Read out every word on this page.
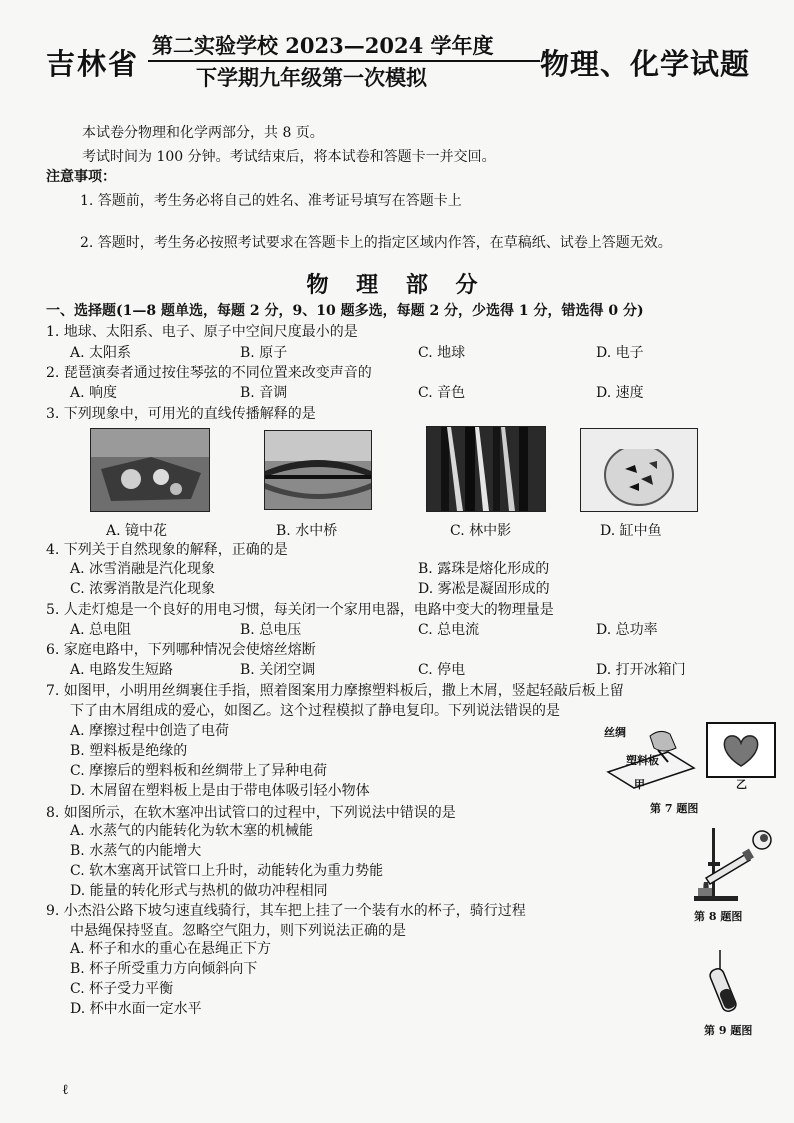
吉林省
第二实验学校 2023—2024 学年度
下学期九年级第一次模拟	物理、化学试题
本试卷分物理和化学两部分，共 8 页。
考试时间为 100 分钟。考试结束后，将本试卷和答题卡一并交回。
注意事项：
1. 答题前，考生务必将自己的姓名、准考证号填写在答题卡上
2. 答题时，考生务必按照考试要求在答题卡上的指定区域内作答，在草稿纸、试卷上答题无效。
物 理 部 分
一、选择题(1—8 题单选，每题 2 分，9、10 题多选，每题 2 分，少选得 1 分，错选得 0 分)
1. 地球、太阳系、电子、原子中空间尺度最小的是
A. 太阳系	B. 原子	C. 地球	D. 电子
2. 琵琶演奏者通过按住琴弦的不同位置来改变声音的
A. 响度	B. 音调	C. 音色	D. 速度
3. 下列现象中，可用光的直线传播解释的是
A. 镜中花	B. 水中桥	C. 林中影	D. 缸中鱼
4. 下列关于自然现象的解释，正确的是
A. 冰雪消融是汽化现象	B. 露珠是熔化形成的
C. 浓雾消散是汽化现象	D. 雾凇是凝固形成的
5. 人走灯熄是一个良好的用电习惯，每关闭一个家用电器，电路中变大的物理量是
A. 总电阻	B. 总电压	C. 总电流	D. 总功率
6. 家庭电路中，下列哪种情况会使熔丝熔断
A. 电路发生短路	B. 关闭空调	C. 停电	D. 打开冰箱门
7. 如图甲，小明用丝绸裹住手指，照着图案用力摩擦塑料板后，撒上木屑，竖起轻敲后板上留
下了由木屑组成的爱心，如图乙。这个过程模拟了静电复印。下列说法错误的是
A. 摩擦过程中创造了电荷
B. 塑料板是绝缘的
C. 摩擦后的塑料板和丝绸带上了异种电荷
D. 木屑留在塑料板上是由于带电体吸引轻小物体
丝绸
塑料板
甲	乙
第 7 题图
8. 如图所示，在软木塞冲出试管口的过程中，下列说法中错误的是
A. 水蒸气的内能转化为软木塞的机械能
B. 水蒸气的内能增大
C. 软木塞离开试管口上升时，动能转化为重力势能
D. 能量的转化形式与热机的做功冲程相同
第 8 题图
9. 小杰沿公路下坡匀速直线骑行，其车把上挂了一个装有水的杯子，骑行过程
中悬绳保持竖直。忽略空气阻力，则下列说法正确的是
A. 杯子和水的重心在悬绳正下方
B. 杯子所受重力方向倾斜向下
C. 杯子受力平衡
D. 杯中水面一定水平
第 9 题图
ℓ
